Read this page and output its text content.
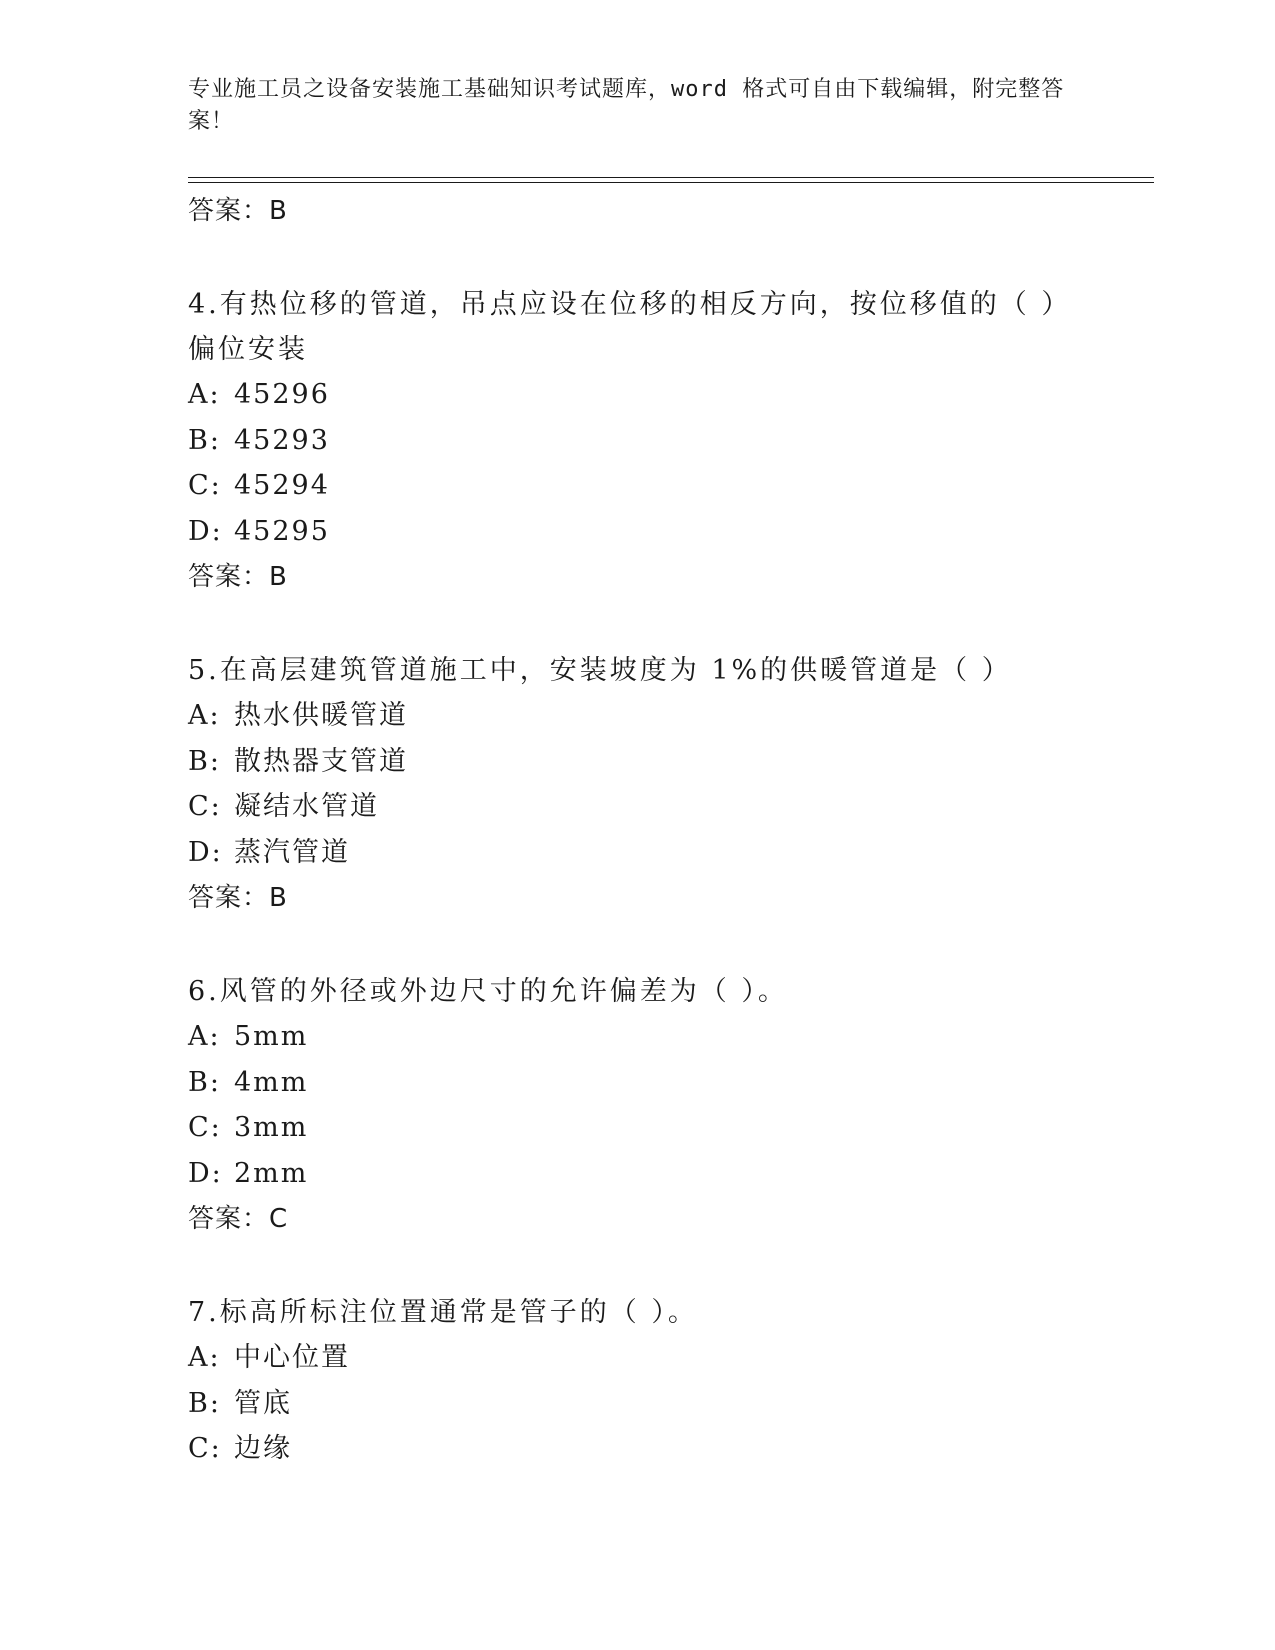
专业施工员之设备安装施工基础知识考试题库，word 格式可自由下载编辑，附完整答案！
答案：B
4.有热位移的管道，吊点应设在位移的相反方向，按位移值的（ ）偏位安装
A: 45296
B: 45293
C: 45294
D: 45295
答案：B
5.在高层建筑管道施工中，安装坡度为 1%的供暖管道是（ ）
A: 热水供暖管道
B: 散热器支管道
C: 凝结水管道
D: 蒸汽管道
答案：B
6.风管的外径或外边尺寸的允许偏差为（ ）。
A: 5mm
B: 4mm
C: 3mm
D: 2mm
答案：C
7.标高所标注位置通常是管子的（ ）。
A: 中心位置
B: 管底
C: 边缘
